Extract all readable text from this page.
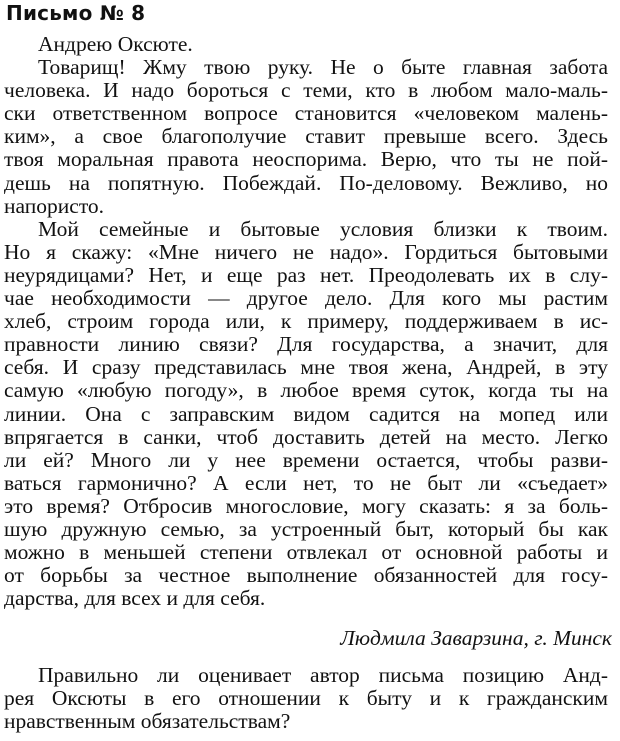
Письмо № 8
Андрею Оксюте.
Товарищ! Жму твою руку. Не о быте главная забота
человека. И надо бороться с теми, кто в любом мало-маль-
ски ответственном вопросе становится «человеком малень-
ким», а свое благополучие ставит превыше всего. Здесь
твоя моральная правота неоспорима. Верю, что ты не пой-
дешь на попятную. Побеждай. По-деловому. Вежливо, но
напористо.
Мой семейные и бытовые условия близки к твоим.
Но я скажу: «Мне ничего не надо». Гордиться бытовыми
неурядицами? Нет, и еще раз нет. Преодолевать их в слу-
чае необходимости — другое дело. Для кого мы растим
хлеб, строим города или, к примеру, поддерживаем в ис-
правности линию связи? Для государства, а значит, для
себя. И сразу представилась мне твоя жена, Андрей, в эту
самую «любую погоду», в любое время суток, когда ты на
линии. Она с заправским видом садится на мопед или
впрягается в санки, чтоб доставить детей на место. Легко
ли ей? Много ли у нее времени остается, чтобы разви-
ваться гармонично? А если нет, то не быт ли «съедает»
это время? Отбросив многословие, могу сказать: я за боль-
шую дружную семью, за устроенный быт, который бы как
можно в меньшей степени отвлекал от основной работы и
от борьбы за честное выполнение обязанностей для госу-
дарства, для всех и для себя.
Людмила Заварзина, г. Минск
Правильно ли оценивает автор письма позицию Анд-
рея Оксюты в его отношении к быту и к гражданским
нравственным обязательствам?
